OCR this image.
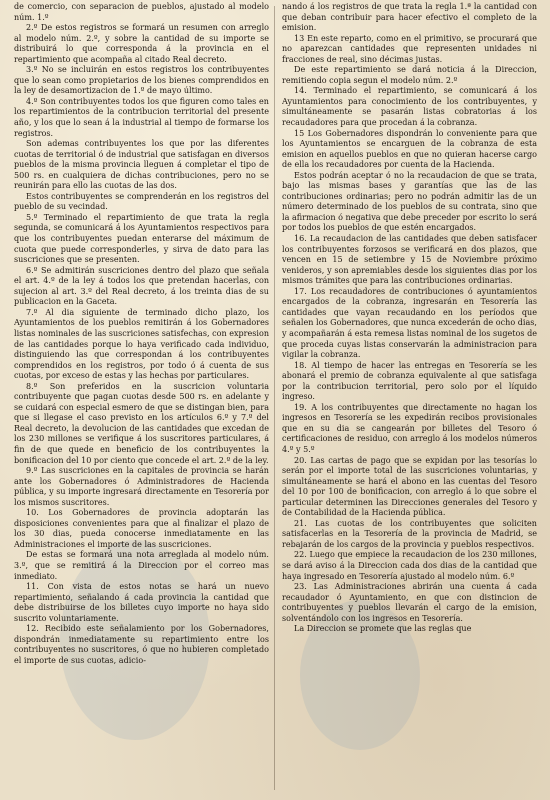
de comercio, con separacion de pueblos, ajustado al modelo núm. 1.º

2.º De estos registros se formará un resumen con arreglo al modelo núm. 2.º, y sobre la cantidad de su importe se distribuirá lo que corresponda á la provincia en el repartimiento que acompaña al citado Real decreto.

3.º No se incluirán en estos registros los contribuyentes que lo sean como propietarios de los bienes comprendidos en la ley de desamortizacion de 1.º de mayo último.

4.º Son contribuyentes todos los que figuren como tales en los repartimientos de la contribucion territorial del presente año, y los que lo sean á la industrial al tiempo de formarse los registros.

Son ademas contribuyentes los que por las diferentes cuotas de territorial ó de industrial que satisfagan en diversos pueblos de la misma provincia lleguen á completar el tipo de 500 rs. en cualquiera de dichas contribuciones, pero no se reunirán para ello las cuotas de las dos.

Estos contribuyentes se comprenderán en los registros del pueblo de su vecindad.

5.º Terminado el repartimiento de que trata la regla segunda, se comunicará á los Ayuntamientos respectivos para que los contribuyentes puedan enterarse del máximum de cuota que puede corresponderles, y sirva de dato para las suscriciones que se presenten.

6.º Se admitirán suscriciones dentro del plazo que señala el art. 4.º de la ley á todos los que pretendan hacerlas, con sujecion al art. 3.º del Real decreto, á los treinta dias de su publicacion en la Gaceta.

7.º Al dia siguiente de terminado dicho plazo, los Ayuntamientos de los pueblos remitirán á los Gobernadores listas nominales de las suscriciones satisfechas, con expresion de las cantidades porque lo haya verificado cada individuo, distinguiendo las que correspondan á los contribuyentes comprendidos en los registros, por todo ó á cuenta de sus cuotas, por exceso de estas y las hechas por particulares.

8.º Son preferidos en la suscricion voluntaria contribuyente que pagan cuotas desde 500 rs. en adelante y se cuidará con especial esmero de que se distingan bien, para que si llegase el caso previsto en los artículos 6.º y 7.º del Real decreto, la devolucion de las cantidades que excedan de los 230 millones se verifique á los suscritores particulares, á fin de que quede en beneficio de los contribuyentes la bonificacion del 10 por ciento que concede el art. 2.º de la ley.

9.º Las suscriciones en la capitales de provincia se harán ante los Gobernadores ó Administradores de Hacienda pública, y su importe ingresará directamente en Tesorería por los mismos suscritores.

10. Los Gobernadores de provincia adoptarán las disposiciones convenientes para que al finalizar el plazo de los 30 dias, pueda conocerse inmediatamente en las Administraciones el importe de las suscriciones.

De estas se formará una nota arreglada al modelo núm. 3.º, que se remitirá á la Direccion por el correo mas inmediato.

11. Con vista de estos notas se hará un nuevo repartimiento, señalando á cada provincia la cantidad que debe distribuirse de los billetes cuyo importe no haya sido suscrito voluntariamente.

12. Recibido este señalamiento por los Gobernadores, dispondrán inmediatamente su repartimiento entre los contribuyentes no suscritores, ó que no hubieren completado el importe de sus cuotas, adicio-

nando á los registros de que trata la regla 1.ª la cantidad con que deban contribuir para hacer efectivo el completo de la emision.

13 En este reparto, como en el primitivo, se procurará que no aparezcan cantidades que representen unidades ni fracciones de real, sino décimas justas.

De este repartimiento se dará noticia á la Direccion, remitiendo copia segun el modelo núm. 2.º

14. Terminado el repartimiento, se comunicará á los Ayuntamientos para conocimiento de los contribuyentes, y simultáneamente se pasarán listas cobratorias á los recaudadores para que procedan á la cobranza.

15 Los Gobernadores dispondrán lo conveniente para que los Ayuntamientos se encarguen de la cobranza de esta emision en aquellos pueblos en que no quieran hacerse cargo de ella los recaudadores por cuenta de la Hacienda.

Estos podrán aceptar ó no la recaudacion de que se trata, bajo las mismas bases y garantías que las de las contribuciones ordinarias; pero no podrán admitir las de un número determinado de los pueblos de su contrata, sino que la afirmacion ó negativa que debe preceder por escrito lo será por todos los pueblos de que estén encargados.

16. La recaudacion de las cantidades que deben satisfacer los contribuyentes forzosos se verificará en dos plazos, que vencen en 15 de setiembre y 15 de Noviembre próximo venideros, y son apremiables desde los siguientes dias por los mismos trámites que para las contribuciones ordinarias.

17. Los recaudadores de contribuciones ó ayuntamientos encargados de la cobranza, ingresarán en Tesorería las cantidades que vayan recaudando en los períodos que señalen los Gobernadores, que nunca excederán de ocho dias, y acompañarán á esta remesa listas nominal de los sugetos de que proceda cuyas listas conservarán la administracion para vigilar la cobranza.

18. Al tiempo de hacer las entregas en Tesorería se les abonará el premio de cobranza equivalente al que satisfaga por la contribucion territorial, pero solo por el líquido ingreso.

19. A los contribuyentes que directamente no hagan los ingresos en Tesorería se les expedirán recibos provisionales que en su dia se cangearán por billetes del Tesoro ó certificaciones de residuo, con arreglo á los modelos números 4.º y 5.º

20. Las cartas de pago que se expidan por las tesorías lo serán por el importe total de las suscriciones voluntarias, y simultáneamente se hará el abono en las cuentas del Tesoro del 10 por 100 de bonificacion, con arreglo á lo que sobre el particular determinen las Direcciones generales del Tesoro y de Contabilidad de la Hacienda pública.

21. Las cuotas de los contribuyentes que soliciten satisfacerlas en la Tesorería de la provincia de Madrid, se rebajarán de los cargos de la provincia y pueblos respectivos.

22. Luego que empiece la recaudacion de los 230 millones, se dará aviso á la Direccion cada dos dias de la cantidad que haya ingresado en Tesorería ajustado al modelo núm. 6.º

23. Las Administraciones abrirán una cuenta á cada recaudador ó Ayuntamiento, en que con distincion de contribuyentes y pueblos llevarán el cargo de la emision, solventándolo con los ingresos en Tesorería.

La Direccion se promete que las reglas que
